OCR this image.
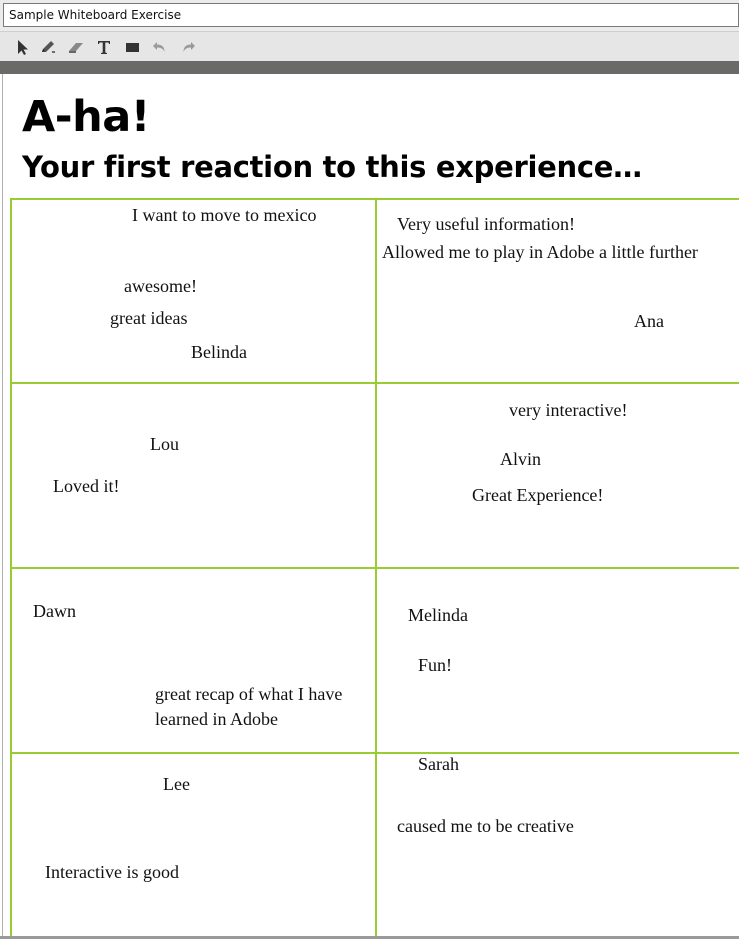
Sample Whiteboard Exercise
A-ha!
Your first reaction to this experience…
I want to move to mexico
awesome!
great ideas
Belinda
Very useful information!
Allowed me to play in Adobe a little further
Ana
Lou
Loved it!
very interactive!
Alvin
Great Experience!
Dawn
great recap of what I have learned in Adobe
Melinda
Fun!
Lee
Interactive is good
Sarah
caused me to be creative
